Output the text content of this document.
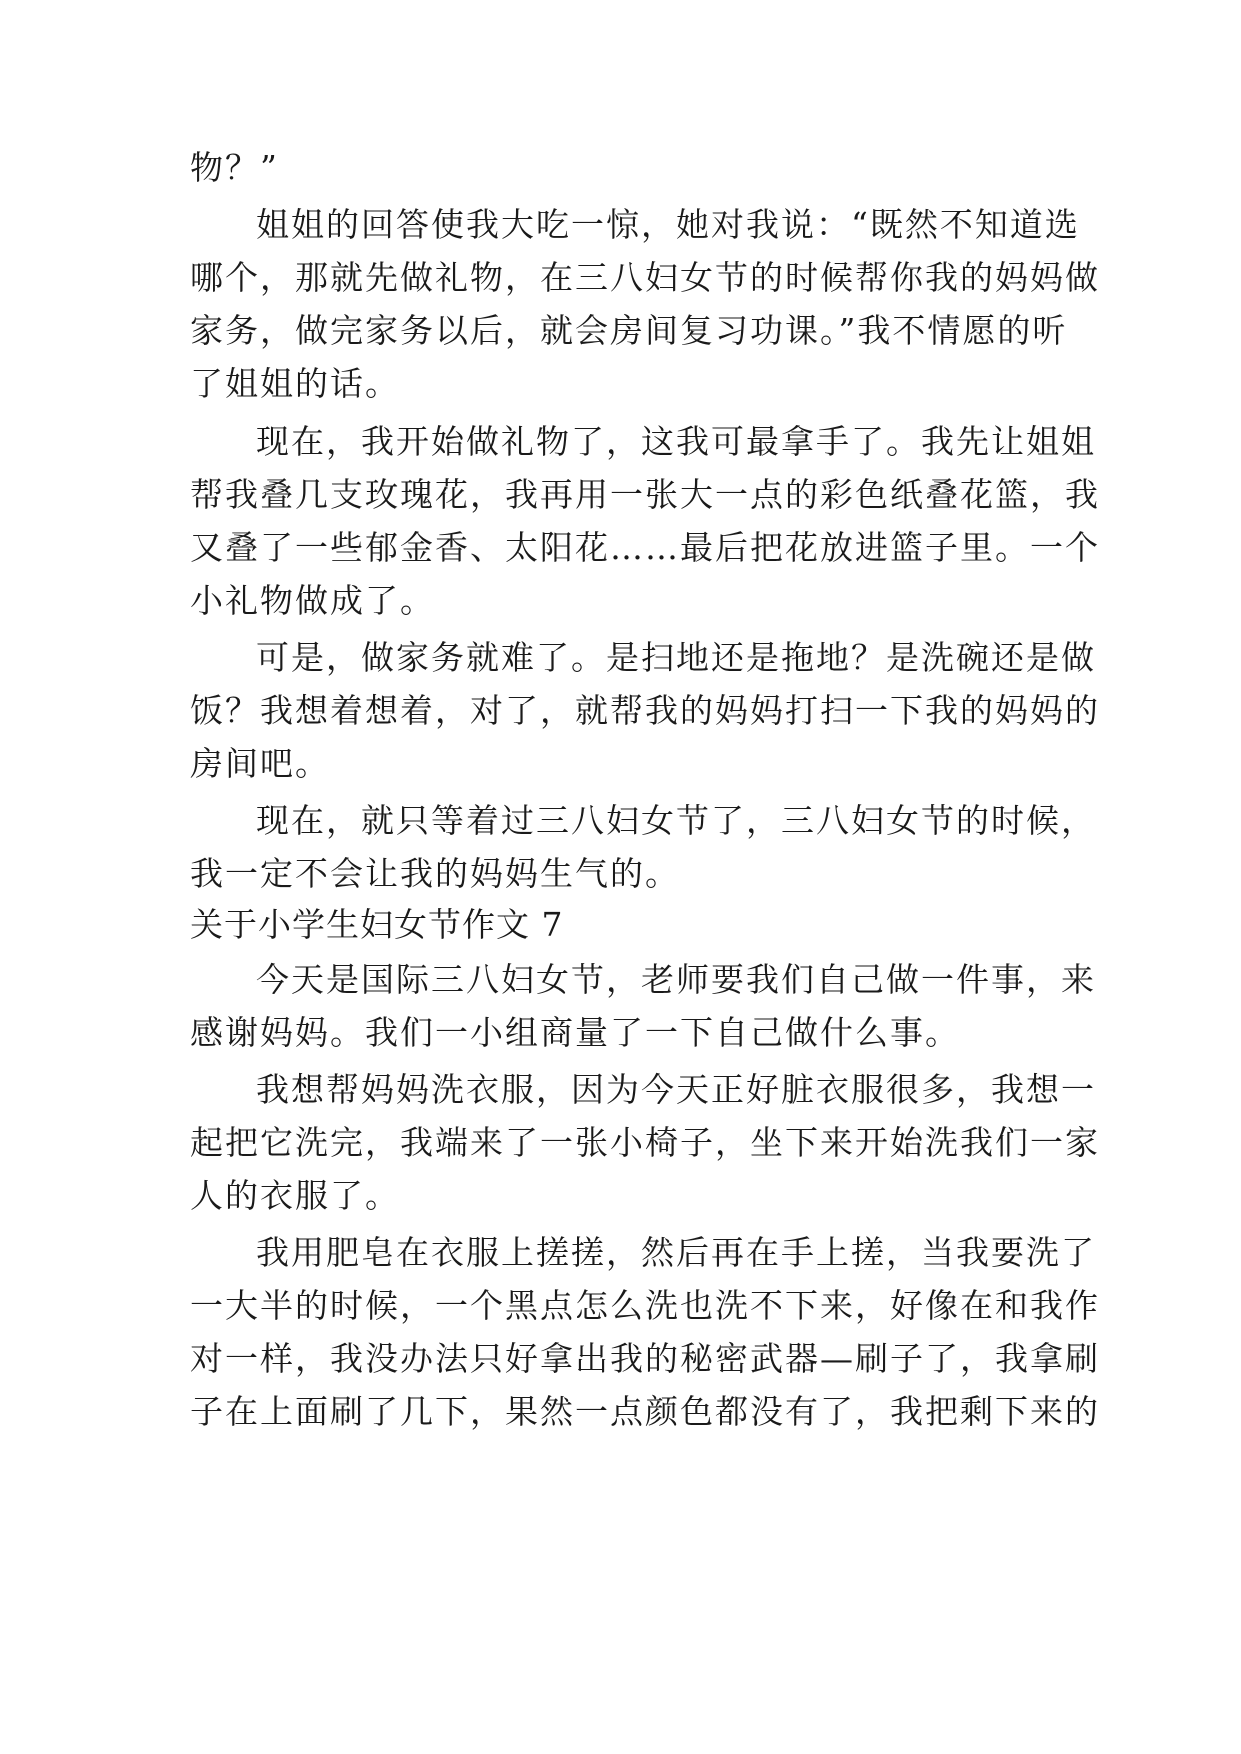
物？”
姐姐的回答使我大吃一惊，她对我说：“既然不知道选
哪个，那就先做礼物，在三八妇女节的时候帮你我的妈妈做
家务，做完家务以后，就会房间复习功课。”我不情愿的听
了姐姐的话。
现在，我开始做礼物了，这我可最拿手了。我先让姐姐
帮我叠几支玫瑰花，我再用一张大一点的彩色纸叠花篮，我
又叠了一些郁金香、太阳花……最后把花放进篮子里。一个
小礼物做成了。
可是，做家务就难了。是扫地还是拖地？是洗碗还是做
饭？我想着想着，对了，就帮我的妈妈打扫一下我的妈妈的
房间吧。
现在，就只等着过三八妇女节了，三八妇女节的时候，
我一定不会让我的妈妈生气的。
关于小学生妇女节作文 7
今天是国际三八妇女节，老师要我们自己做一件事，来
感谢妈妈。我们一小组商量了一下自己做什么事。
我想帮妈妈洗衣服，因为今天正好脏衣服很多，我想一
起把它洗完，我端来了一张小椅子，坐下来开始洗我们一家
人的衣服了。
我用肥皂在衣服上搓搓，然后再在手上搓，当我要洗了
一大半的时候，一个黑点怎么洗也洗不下来，好像在和我作
对一样，我没办法只好拿出我的秘密武器—刷子了，我拿刷
子在上面刷了几下，果然一点颜色都没有了，我把剩下来的
